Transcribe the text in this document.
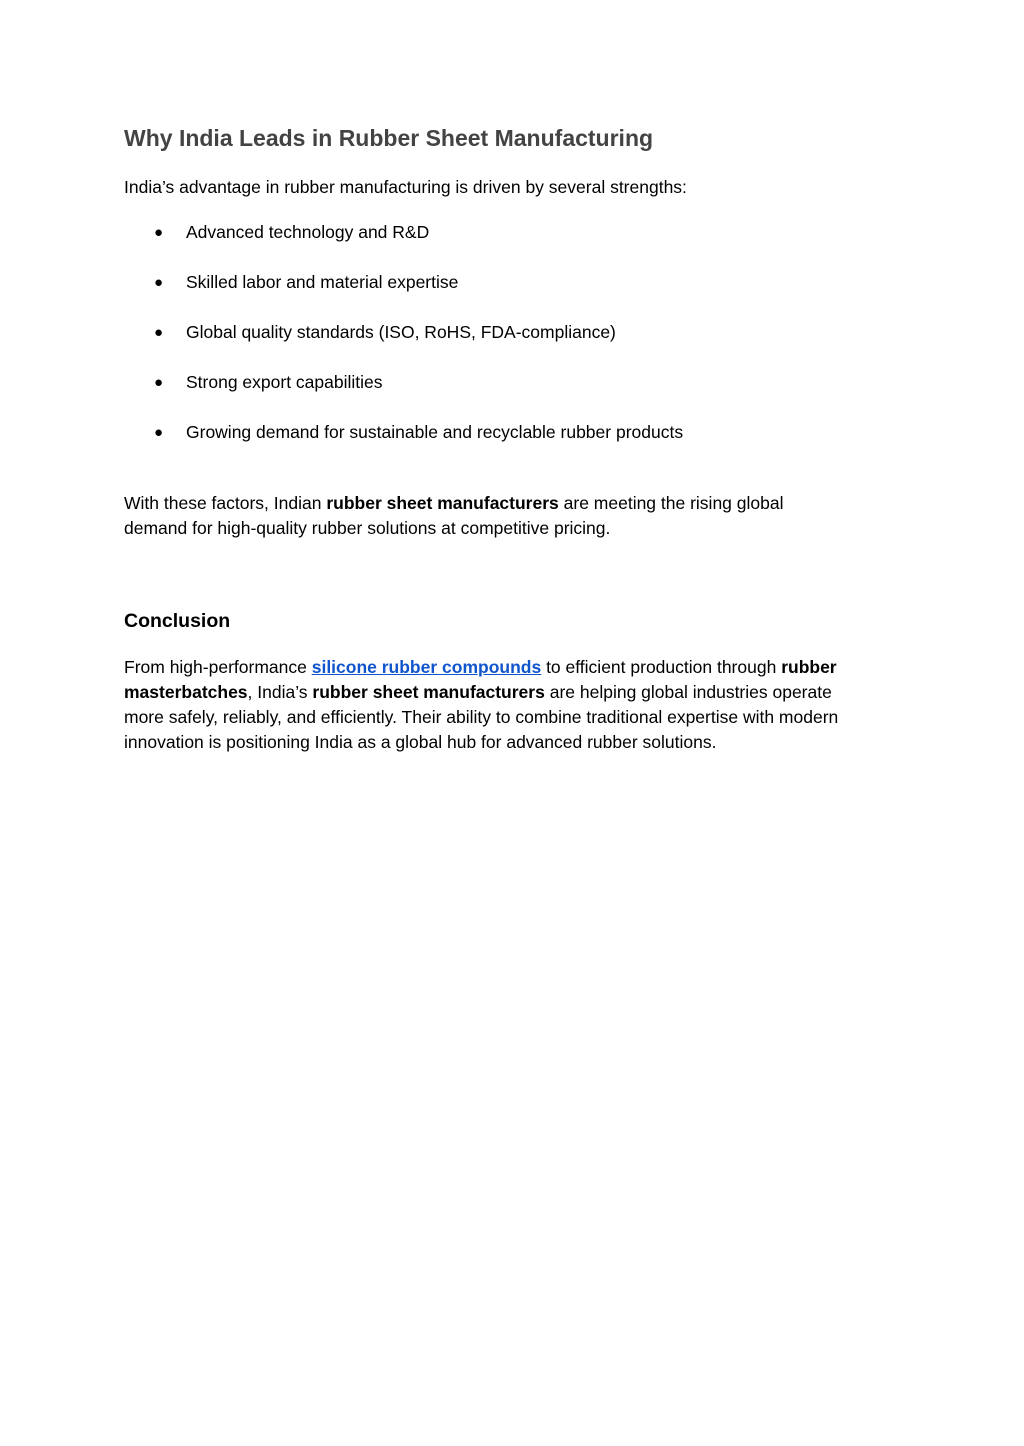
Why India Leads in Rubber Sheet Manufacturing

India’s advantage in rubber manufacturing is driven by several strengths:

● Advanced technology and R&D
● Skilled labor and material expertise
● Global quality standards (ISO, RoHS, FDA-compliance)
● Strong export capabilities
● Growing demand for sustainable and recyclable rubber products

With these factors, Indian rubber sheet manufacturers are meeting the rising global
demand for high-quality rubber solutions at competitive pricing.

Conclusion

From high-performance silicone rubber compounds to efficient production through rubber
masterbatches, India’s rubber sheet manufacturers are helping global industries operate
more safely, reliably, and efficiently. Their ability to combine traditional expertise with modern
innovation is positioning India as a global hub for advanced rubber solutions.
